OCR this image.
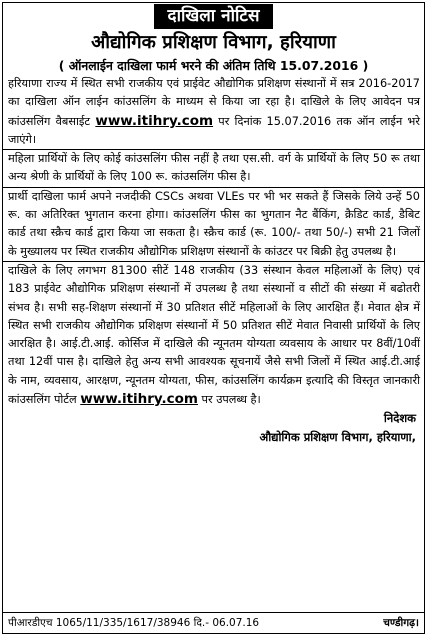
दाखिला नोटिस
औद्योगिक प्रशिक्षण विभाग, हरियाणा
( ऑनलाईन दाखिला फार्म भरने की अंतिम तिथि 15.07.2016 )

हरियाणा राज्य में स्थित सभी राजकीय एवं प्राईवेट औद्योगिक प्रशिक्षण संस्थानों में सत्र 2016-2017 का दाखिला ऑन लाईन कांउसलिंग के माध्यम से किया जा रहा है। दाखिले के लिए आवेदन पत्र कांउसलिंग वैबसाईट www.itihry.com पर दिनांक 15.07.2016 तक ऑन लाईन भरे जाएंगे।

महिला प्रार्थियों के लिए कोई कांउसलिंग फीस नहीं है तथा एस.सी. वर्ग के प्रार्थियों के लिए 50 रू तथा अन्य श्रेणी के प्रार्थियों के लिए 100 रू. कांउसलिंग फीस है।

प्रार्थी दाखिला फार्म अपने नजदीकी CSCs अथवा VLEs पर भी भर सकते हैं जिसके लिये उन्हें 50 रू. का अतिरिक्त भुगतान करना होगा। कांउसलिंग फीस का भुगतान नैट बैंकिंग, क्रैडिट कार्ड, डैबिट कार्ड तथा स्क्रैच कार्ड द्वारा किया जा सकता है। स्क्रैच कार्ड (रू. 100/- तथा 50/-) सभी 21 जिलों के मुख्यालय पर स्थित राजकीय औद्योगिक प्रशिक्षण संस्थानों के कांउटर पर बिक्री हेतु उपलब्ध है।

दाखिले के लिए लगभग 81300 सीटें 148 राजकीय (33 संस्थान केवल महिलाओं के लिए) एवं 183 प्राईवेट औद्योगिक प्रशिक्षण संस्थानों में उपलब्ध है तथा संस्थानों व सीटों की संख्या में बढोतरी संभव है। सभी सह-शिक्षण संस्थानों में 30 प्रतिशत सीटें महिलाओं के लिए आरक्षित हैं। मेवात क्षेत्र में स्थित सभी राजकीय औद्योगिक प्रशिक्षण संस्थानों में 50 प्रतिशत सीटें मेवात निवासी प्रार्थियों के लिए आरक्षित है। आई.टी.आई. कोर्सिज में दाखिले की न्यूनतम योग्यता व्यवसाय के आधार पर 8वीं/10वीं तथा 12वीं पास है। दाखिले हेतु अन्य सभी आवश्यक सूचनायें जैसे सभी जिलों में स्थित आई.टी.आई के नाम, व्यवसाय, आरक्षण, न्यूनतम योग्यता, फीस, कांउसलिंग कार्यक्रम इत्यादि की विस्तृत जानकारी कांउसलिंग पोर्टल www.itihry.com पर उपलब्ध है।

निदेशक
औद्योगिक प्रशिक्षण विभाग, हरियाणा,
पीआरडीएच 1065/11/335/1617/38946 दि.- 06.07.16	चण्डीगढ़।
